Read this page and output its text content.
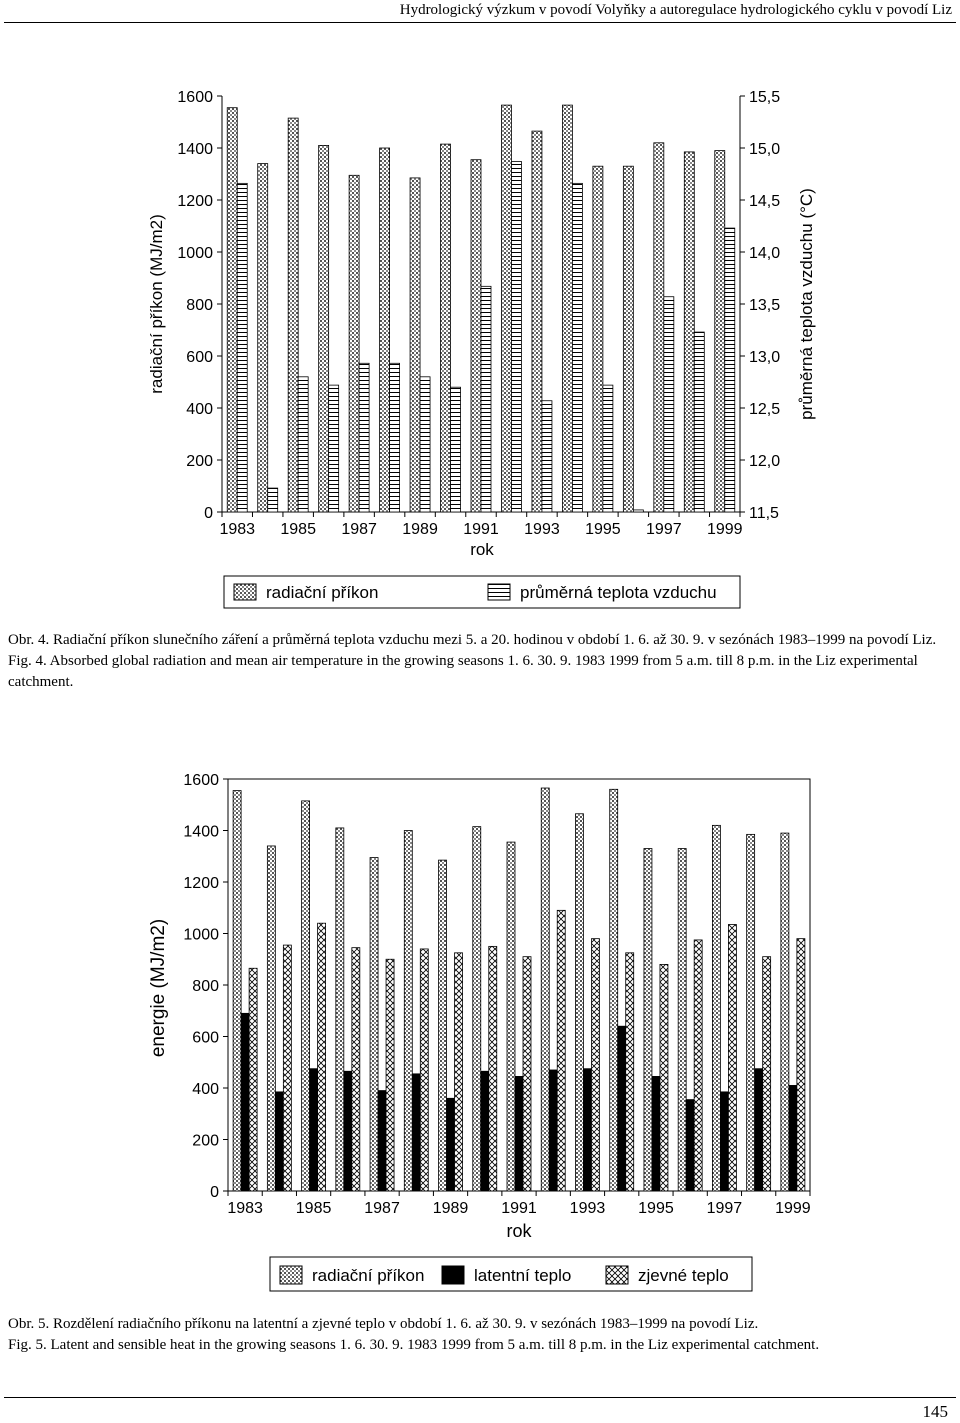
Hydrologický výzkum v povodí Volyňky a autoregulace hydrologického cyklu v povodí Liz
0
200
400
600
800
1000
1200
1400
1600
11,5
12,0
12,5
13,0
13,5
14,0
14,5
15,0
15,5
1983 1985 1987 1989 1991 1993 1995 1997 1999
radiační příkon (MJ/m2)	průměrná teplota vzduchu (°C)
rok
radiační příkon	průměrná teplota vzduchu

Obr. 4. Radiační příkon slunečního záření a průměrná teplota vzduchu mezi 5. a 20. hodinou v období 1. 6. až 30. 9. v sezónách 1983–1999 na povodí Liz.

Fig. 4. Absorbed global radiation and mean air temperature in the growing seasons 1. 6. 30. 9. 1983 1999 from 5 a.m. till 8 p.m. in the Liz experimental catchment.

0
200
400
600
800
1000
1200
1400
1600
1983 1985 1987 1989 1991 1993 1995 1997 1999
energie (MJ/m2)
rok
radiační příkon	latentní teplo	zjevné teplo

Obr. 5. Rozdělení radiačního příkonu na latentní a zjevné teplo v období 1. 6. až 30. 9. v sezónách 1983–1999 na povodí Liz.

Fig. 5. Latent and sensible heat in the growing seasons 1. 6. 30. 9. 1983 1999 from 5 a.m. till 8 p.m. in the Liz experimental catchment.

145
